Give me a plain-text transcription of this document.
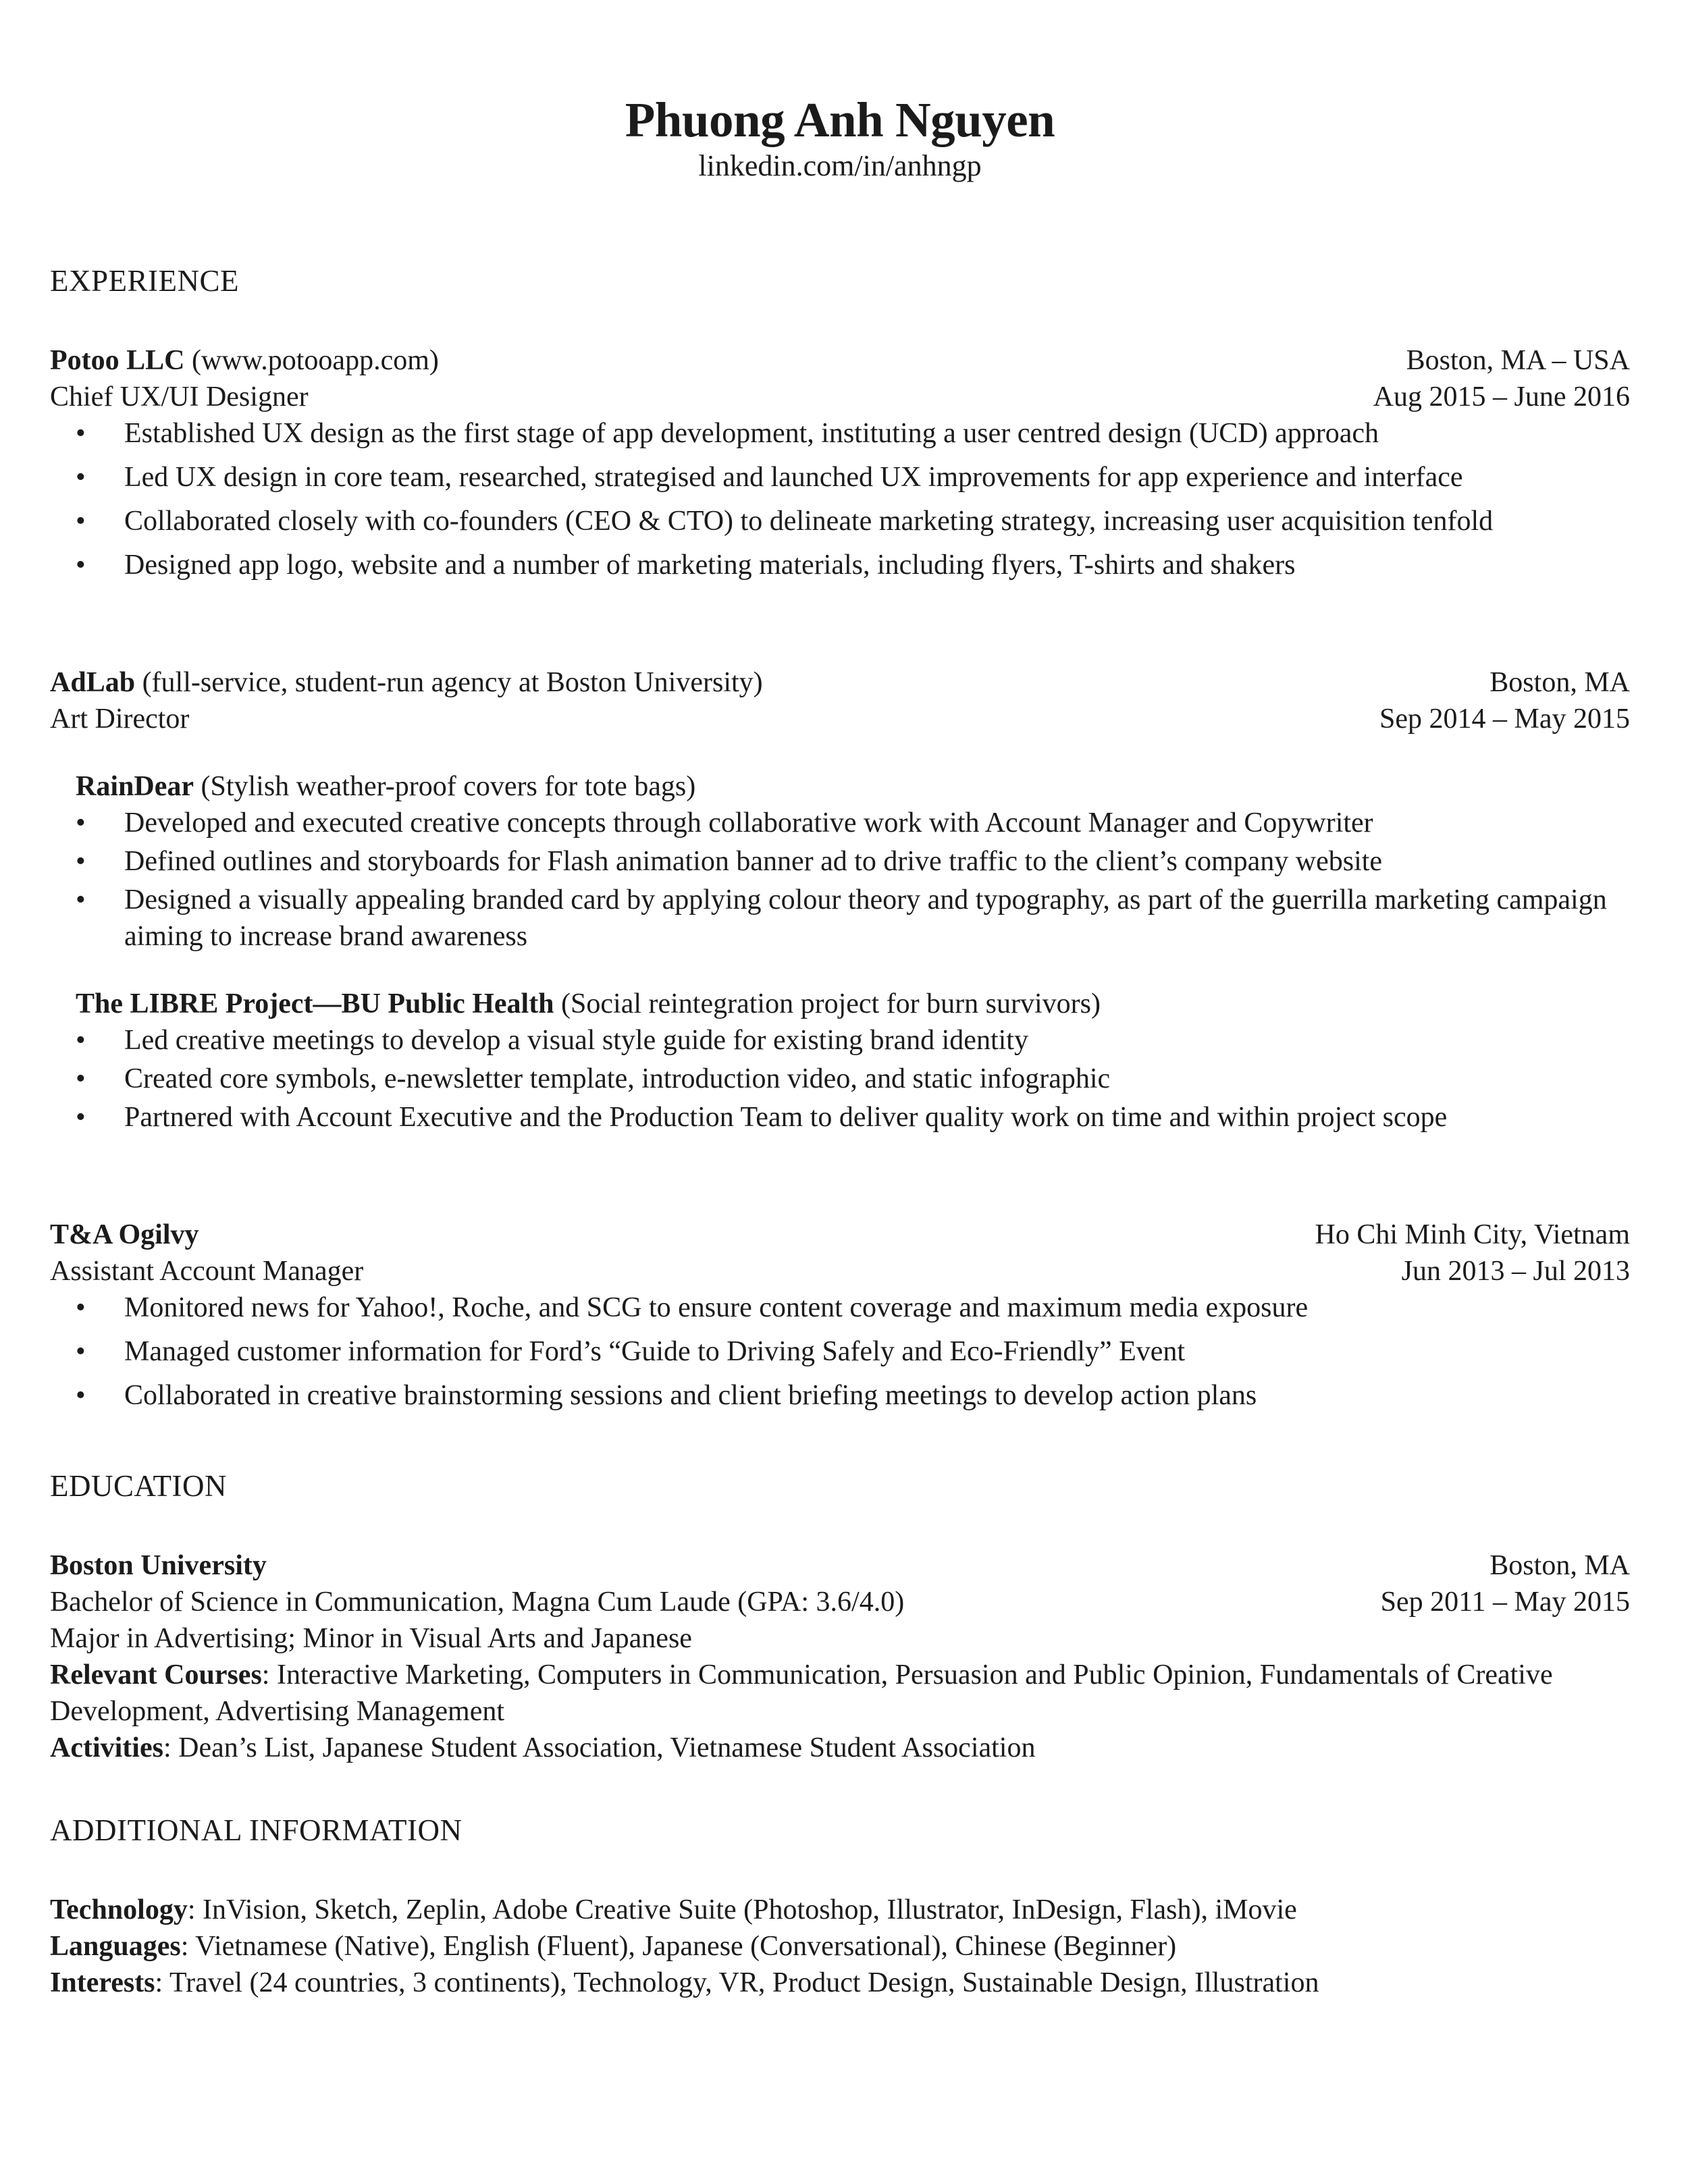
Phuong Anh Nguyen
linkedin.com/in/anhngp
EXPERIENCE
Potoo LLC (www.potooapp.com)	Boston, MA – USA
Chief UX/UI Designer	Aug 2015 – June 2016
• Established UX design as the first stage of app development, instituting a user centred design (UCD) approach
• Led UX design in core team, researched, strategised and launched UX improvements for app experience and interface
• Collaborated closely with co-founders (CEO & CTO) to delineate marketing strategy, increasing user acquisition tenfold
• Designed app logo, website and a number of marketing materials, including flyers, T-shirts and shakers
AdLab (full-service, student-run agency at Boston University)	Boston, MA
Art Director	Sep 2014 – May 2015
RainDear (Stylish weather-proof covers for tote bags)
• Developed and executed creative concepts through collaborative work with Account Manager and Copywriter
• Defined outlines and storyboards for Flash animation banner ad to drive traffic to the client’s company website
• Designed a visually appealing branded card by applying colour theory and typography, as part of the guerrilla marketing campaign aiming to increase brand awareness
The LIBRE Project—BU Public Health (Social reintegration project for burn survivors)
• Led creative meetings to develop a visual style guide for existing brand identity
• Created core symbols, e-newsletter template, introduction video, and static infographic
• Partnered with Account Executive and the Production Team to deliver quality work on time and within project scope
T&A Ogilvy	Ho Chi Minh City, Vietnam
Assistant Account Manager	Jun 2013 – Jul 2013
• Monitored news for Yahoo!, Roche, and SCG to ensure content coverage and maximum media exposure
• Managed customer information for Ford’s “Guide to Driving Safely and Eco-Friendly” Event
• Collaborated in creative brainstorming sessions and client briefing meetings to develop action plans
EDUCATION
Boston University	Boston, MA
Bachelor of Science in Communication, Magna Cum Laude (GPA: 3.6/4.0)	Sep 2011 – May 2015
Major in Advertising; Minor in Visual Arts and Japanese
Relevant Courses: Interactive Marketing, Computers in Communication, Persuasion and Public Opinion, Fundamentals of Creative Development, Advertising Management
Activities: Dean’s List, Japanese Student Association, Vietnamese Student Association
ADDITIONAL INFORMATION
Technology: InVision, Sketch, Zeplin, Adobe Creative Suite (Photoshop, Illustrator, InDesign, Flash), iMovie
Languages: Vietnamese (Native), English (Fluent), Japanese (Conversational), Chinese (Beginner)
Interests: Travel (24 countries, 3 continents), Technology, VR, Product Design, Sustainable Design, Illustration
